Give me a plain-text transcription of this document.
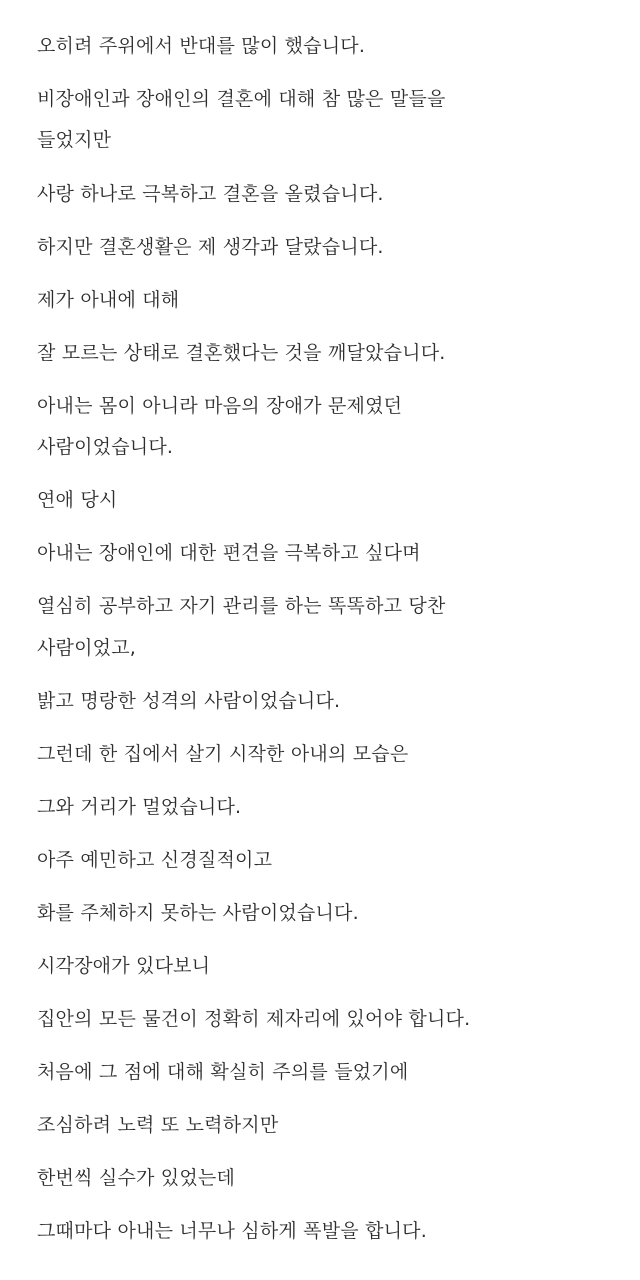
오히려 주위에서 반대를 많이 했습니다.
비장애인과 장애인의 결혼에 대해 참 많은 말들을
들었지만
사랑 하나로 극복하고 결혼을 올렸습니다.
하지만 결혼생활은 제 생각과 달랐습니다.
제가 아내에 대해
잘 모르는 상태로 결혼했다는 것을 깨달았습니다.
아내는 몸이 아니라 마음의 장애가 문제였던
사람이었습니다.
연애 당시
아내는 장애인에 대한 편견을 극복하고 싶다며
열심히 공부하고 자기 관리를 하는 똑똑하고 당찬
사람이었고,
밝고 명랑한 성격의 사람이었습니다.
그런데 한 집에서 살기 시작한 아내의 모습은
그와 거리가 멀었습니다.
아주 예민하고 신경질적이고
화를 주체하지 못하는 사람이었습니다.
시각장애가 있다보니
집안의 모든 물건이 정확히 제자리에 있어야 합니다.
처음에 그 점에 대해 확실히 주의를 들었기에
조심하려 노력 또 노력하지만
한번씩 실수가 있었는데
그때마다 아내는 너무나 심하게 폭발을 합니다.
